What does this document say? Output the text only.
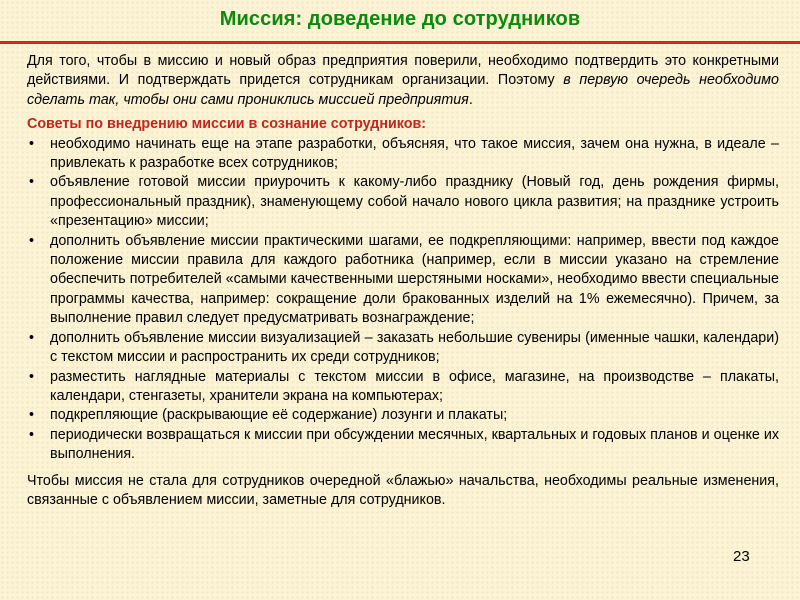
Миссия: доведение до сотрудников

Для того, чтобы в миссию и новый образ предприятия поверили, необходимо подтвердить это конкретными действиями. И подтверждать придется сотрудникам организации. Поэтому в первую очередь необходимо сделать так, чтобы они сами прониклись миссией предприятия.

Советы по внедрению миссии в сознание сотрудников:

• необходимо начинать еще на этапе разработки, объясняя, что такое миссия, зачем она нужна, в идеале – привлекать к разработке всех сотрудников;
• объявление готовой миссии приурочить к какому-либо празднику (Новый год, день рождения фирмы, профессиональный праздник), знаменующему собой начало нового цикла развития; на празднике устроить «презентацию» миссии;
• дополнить объявление миссии практическими шагами, ее подкрепляющими: например, ввести под каждое положение миссии правила для каждого работника (например, если в миссии указано на стремление обеспечить потребителей «самыми качественными шерстяными носками», необходимо ввести специальные программы качества, например: сокращение доли бракованных изделий на 1% ежемесячно). Причем, за выполнение правил следует предусматривать вознаграждение;
• дополнить объявление миссии визуализацией – заказать небольшие сувениры (именные чашки, календари) с текстом миссии и распространить их среди сотрудников;
• разместить наглядные материалы с текстом миссии в офисе, магазине, на производстве – плакаты, календари, стенгазеты, хранители экрана на компьютерах;
• подкрепляющие (раскрывающие её содержание) лозунги и плакаты;
• периодически возвращаться к миссии при обсуждении месячных, квартальных и годовых планов и оценке их выполнения.

Чтобы миссия не стала для сотрудников очередной «блажью» начальства, необходимы реальные изменения, связанные с объявлением миссии, заметные для сотрудников.

23
